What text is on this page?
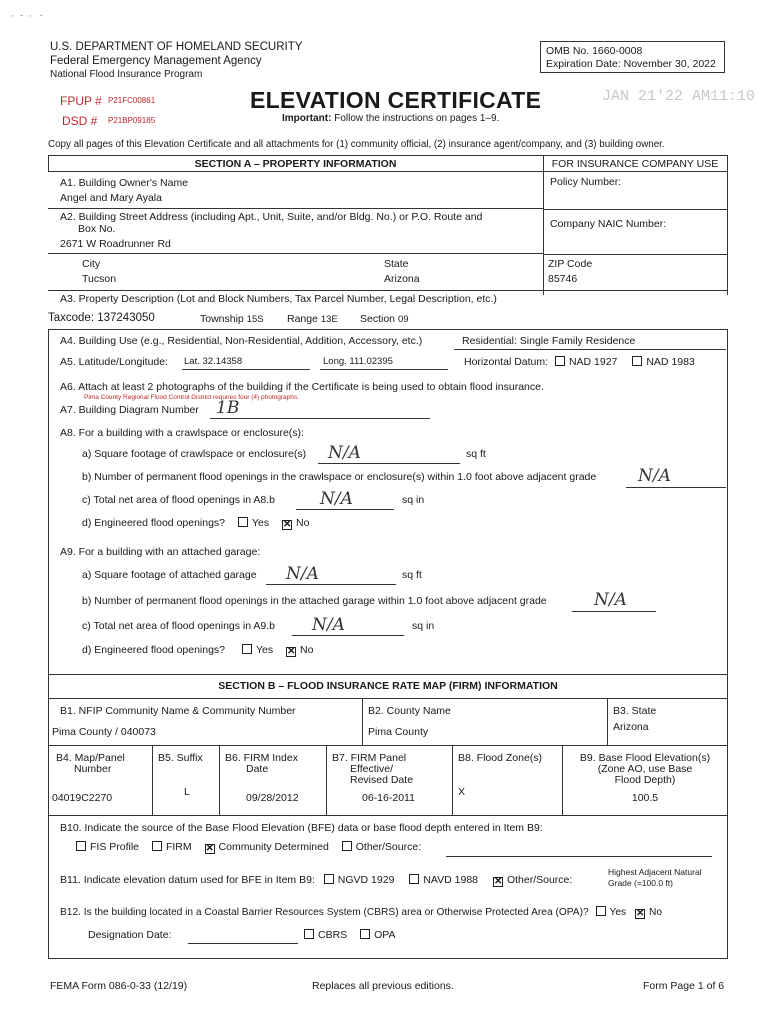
'   ˆ   '    ˆ
U.S. DEPARTMENT OF HOMELAND SECURITY
Federal Emergency Management Agency
National Flood Insurance Program
OMB No. 1660-0008
Expiration Date: November 30, 2022
FPUP # P21FC00861
DSD # P21BP09185
ELEVATION CERTIFICATE
Important: Follow the instructions on pages 1–9.
JAN 21'22 AM11:10
Copy all pages of this Elevation Certificate and all attachments for (1) community official, (2) insurance agent/company, and (3) building owner.
SECTION A – PROPERTY INFORMATION	FOR INSURANCE COMPANY USE
Policy Number:
Company NAIC Number:
A1. Building Owner's Name
Angel and Mary Ayala
A2. Building Street Address (including Apt., Unit, Suite, and/or Bldg. No.) or P.O. Route and
Box No.
2671 W Roadrunner Rd
City
Tucson
State
Arizona
ZIP Code
85746
A3. Property Description (Lot and Block Numbers, Tax Parcel Number, Legal Description, etc.)
Taxcode: 137243050	Township 15S Range 13E Section 09
A4. Building Use (e.g., Residential, Non-Residential, Addition, Accessory, etc.)	Residential: Single Family Residence
A5. Latitude/Longitude: Lat. 32.14358	Long. 111.02395	Horizontal Datum: NAD 1927	NAD 1983
A6. Attach at least 2 photographs of the building if the Certificate is being used to obtain flood insurance.
Pima County Regional Flood Control District requires four (4) photographs.
A7. Building Diagram Number 1B
A8. For a building with a crawlspace or enclosure(s):
a) Square footage of crawlspace or enclosure(s) N/A	sq ft
b) Number of permanent flood openings in the crawlspace or enclosure(s) within 1.0 foot above adjacent grade N/A
c) Total net area of flood openings in A8.b	N/A	sq in
d) Engineered flood openings?	Yes ✕ No
A9. For a building with an attached garage:
a) Square footage of attached garage N/A	sq ft
b) Number of permanent flood openings in the attached garage within 1.0 foot above adjacent grade	N/A
c) Total net area of flood openings in A9.b N/A	sq in
d) Engineered flood openings?	Yes ✕ No
SECTION B – FLOOD INSURANCE RATE MAP (FIRM) INFORMATION
B1. NFIP Community Name & Community Number
Pima County / 040073
B2. County Name
Pima County
B3. State
Arizona
B4. Map/Panel
Number
04019C2270
B5. Suffix
L
B6. FIRM Index
Date
09/28/2012
B7. FIRM Panel
Effective/
Revised Date
06-16-2011
B8. Flood Zone(s)
X
B9. Base Flood Elevation(s)
(Zone AO, use Base
Flood Depth)
100.5
B10. Indicate the source of the Base Flood Elevation (BFE) data or base flood depth entered in Item B9:
FIS Profile	FIRM ✕ Community Determined	Other/Source:
B11. Indicate elevation datum used for BFE in Item B9: NGVD 1929	NAVD 1988 ✕ Other/Source:
Highest Adjacent Natural
Grade (=100.0 ft)
B12. Is the building located in a Coastal Barrier Resources System (CBRS) area or Otherwise Protected Area (OPA)? Yes ✕ No
Designation Date:	CBRS	OPA
FEMA Form 086-0-33 (12/19)	Replaces all previous editions.	Form Page 1 of 6
